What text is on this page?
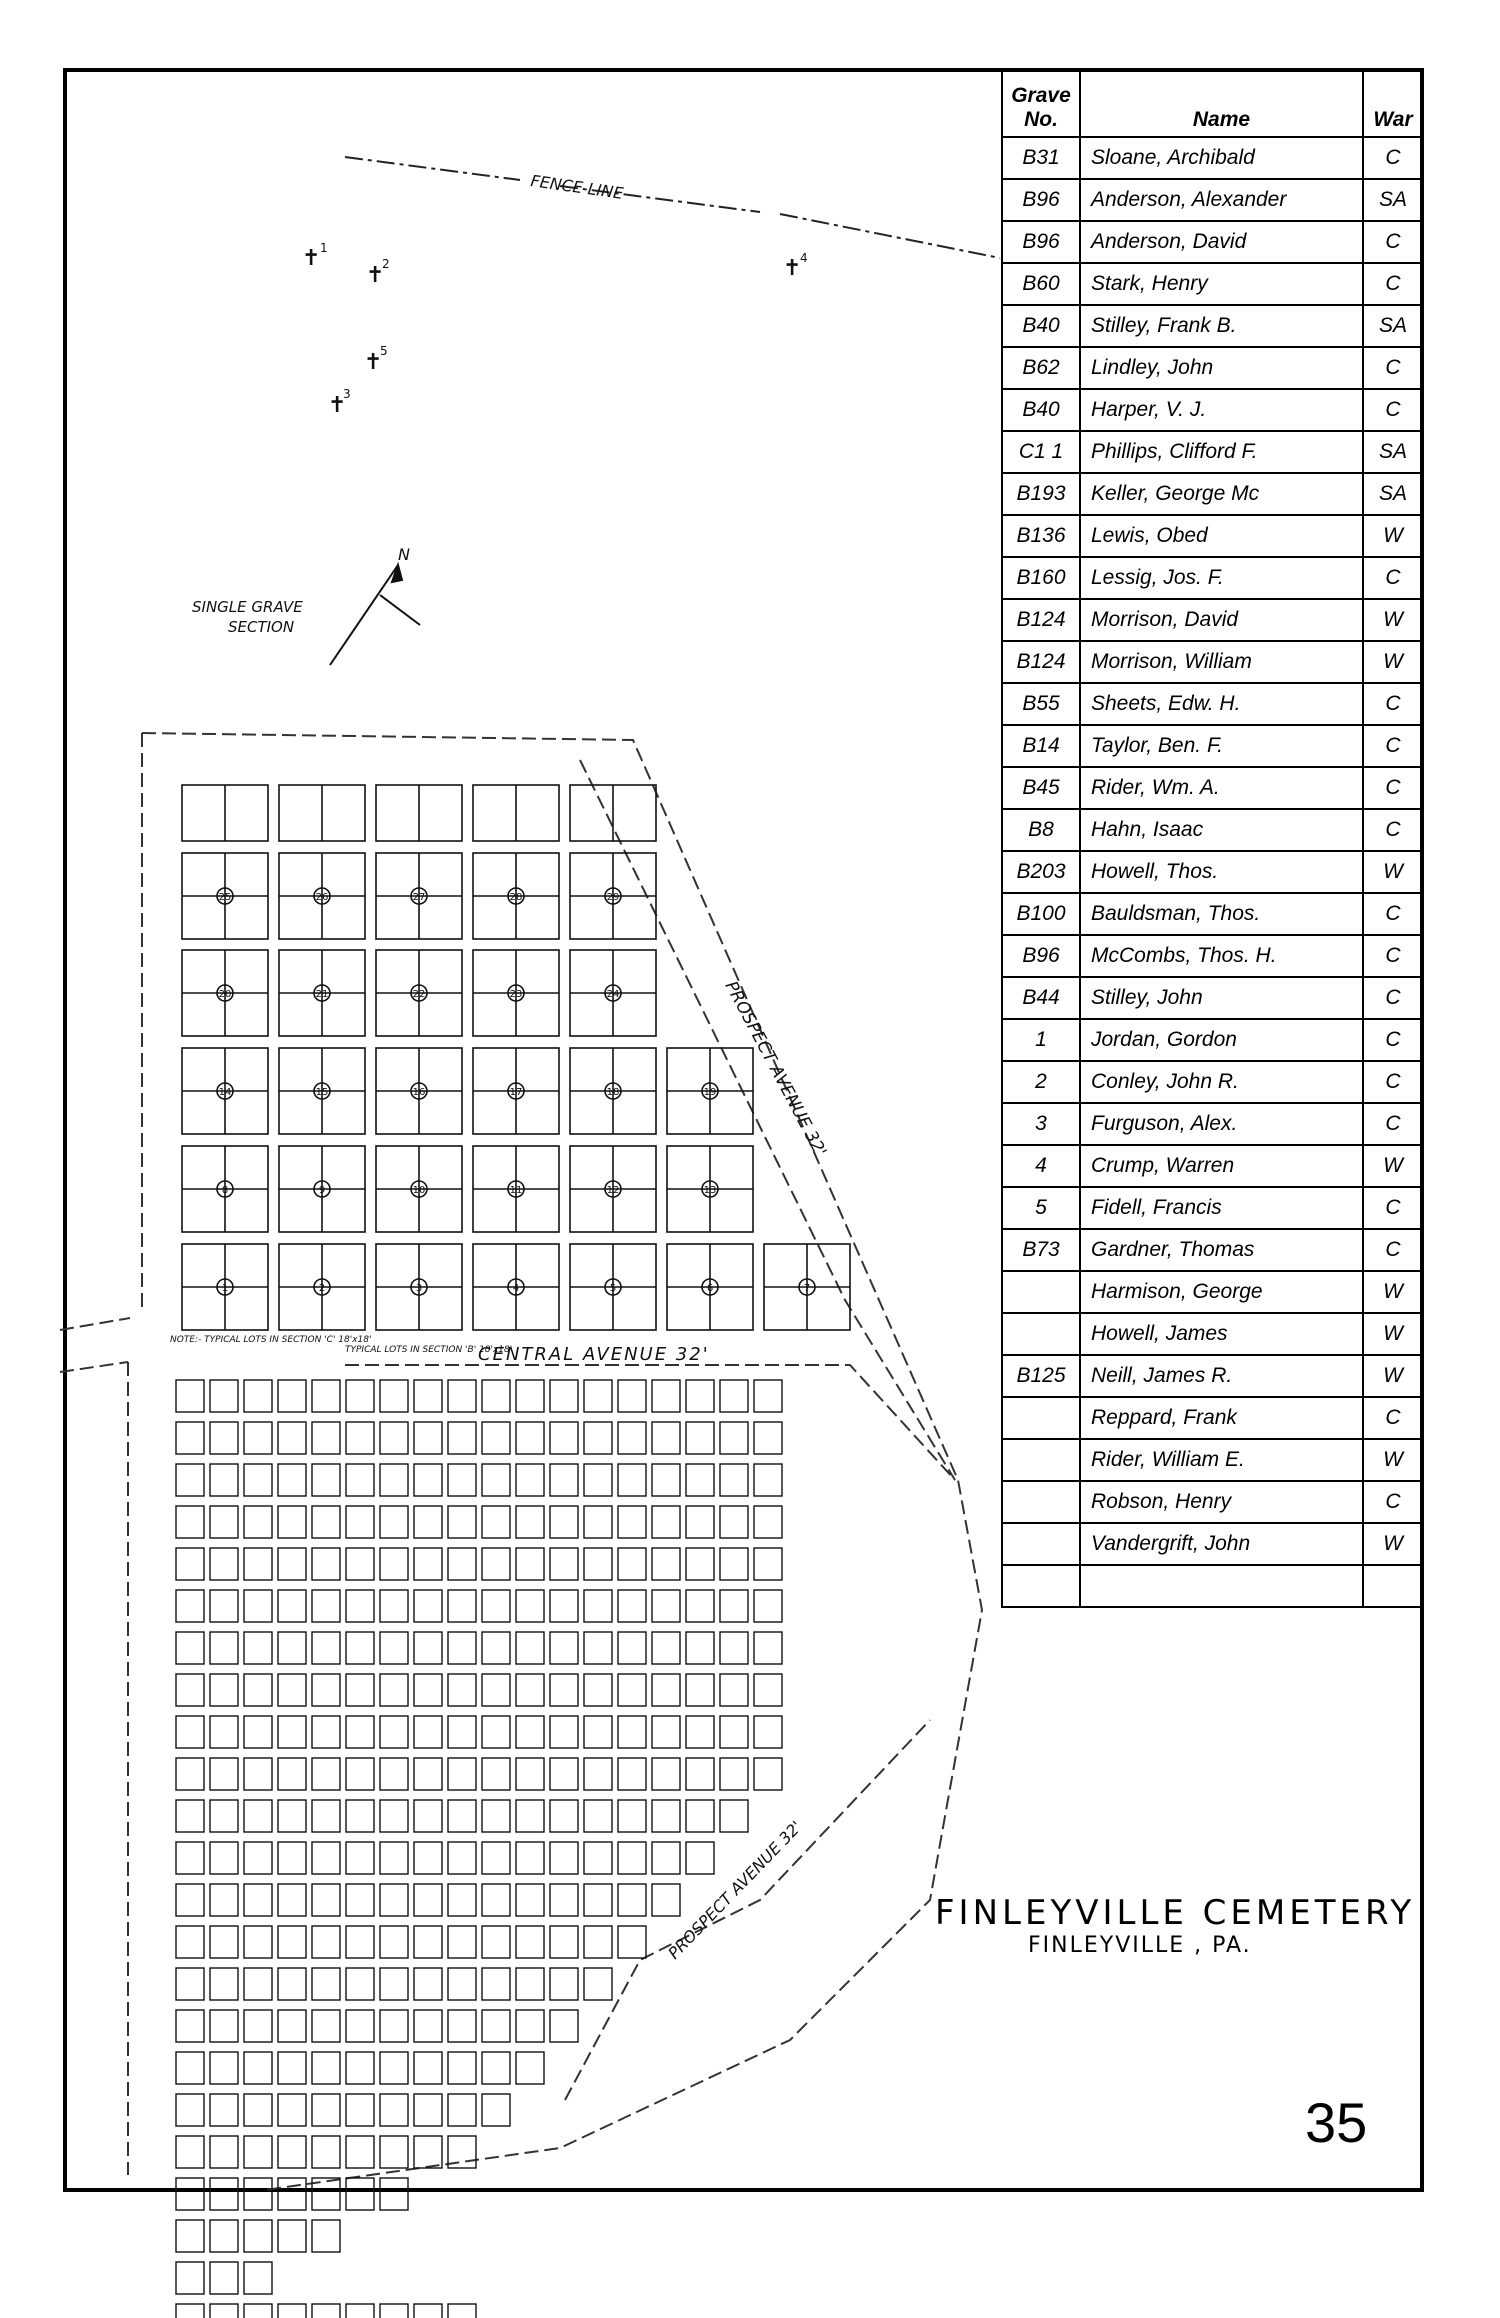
FENCE LINE
✝ 1
✝
2
✝
3
✝
4
✝
5
N
SINGLE GRAVE
SECTION
25	26	27	28	29
20	21	22	23	24
14	15	16	17	18	19
8	9	10	11	12	13
1	2	3	4	5	6	7
CENTRAL AVENUE 32'
PROSPECT AVENUE 32'
PROSPECT AVENUE 32'
NOTE:- TYPICAL LOTS IN SECTION 'C' 18'x18'
TYPICAL LOTS IN SECTION 'B' 18'x18'
Grave No.	Name	War
B31	Sloane, Archibald	C
B96	Anderson, Alexander	SA
B96	Anderson, David	C
B60	Stark, Henry	C
B40	Stilley, Frank B.	SA
B62	Lindley, John	C
B40	Harper, V. J.	C
C1 1	Phillips, Clifford F.	SA
B193	Keller, George Mc	SA
B136	Lewis, Obed	W
B160	Lessig, Jos. F.	C
B124	Morrison, David	W
B124	Morrison, William	W
B55	Sheets, Edw. H.	C
B14	Taylor, Ben. F.	C
B45	Rider, Wm. A.	C
B8	Hahn, Isaac	C
B203	Howell, Thos.	W
B100	Bauldsman, Thos.	C
B96	McCombs, Thos. H.	C
B44	Stilley, John	C
1	Jordan, Gordon	C
2	Conley, John R.	C
3	Furguson, Alex.	C
4	Crump, Warren	W
5	Fidell, Francis	C
B73	Gardner, Thomas	C
	Harmison, George	W
	Howell, James	W
B125	Neill, James R.	W
	Reppard, Frank	C
	Rider, William E.	W
	Robson, Henry	C
	Vandergrift, John	W

FINLEYVILLE CEMETERY
FINLEYVILLE , PA.
35
